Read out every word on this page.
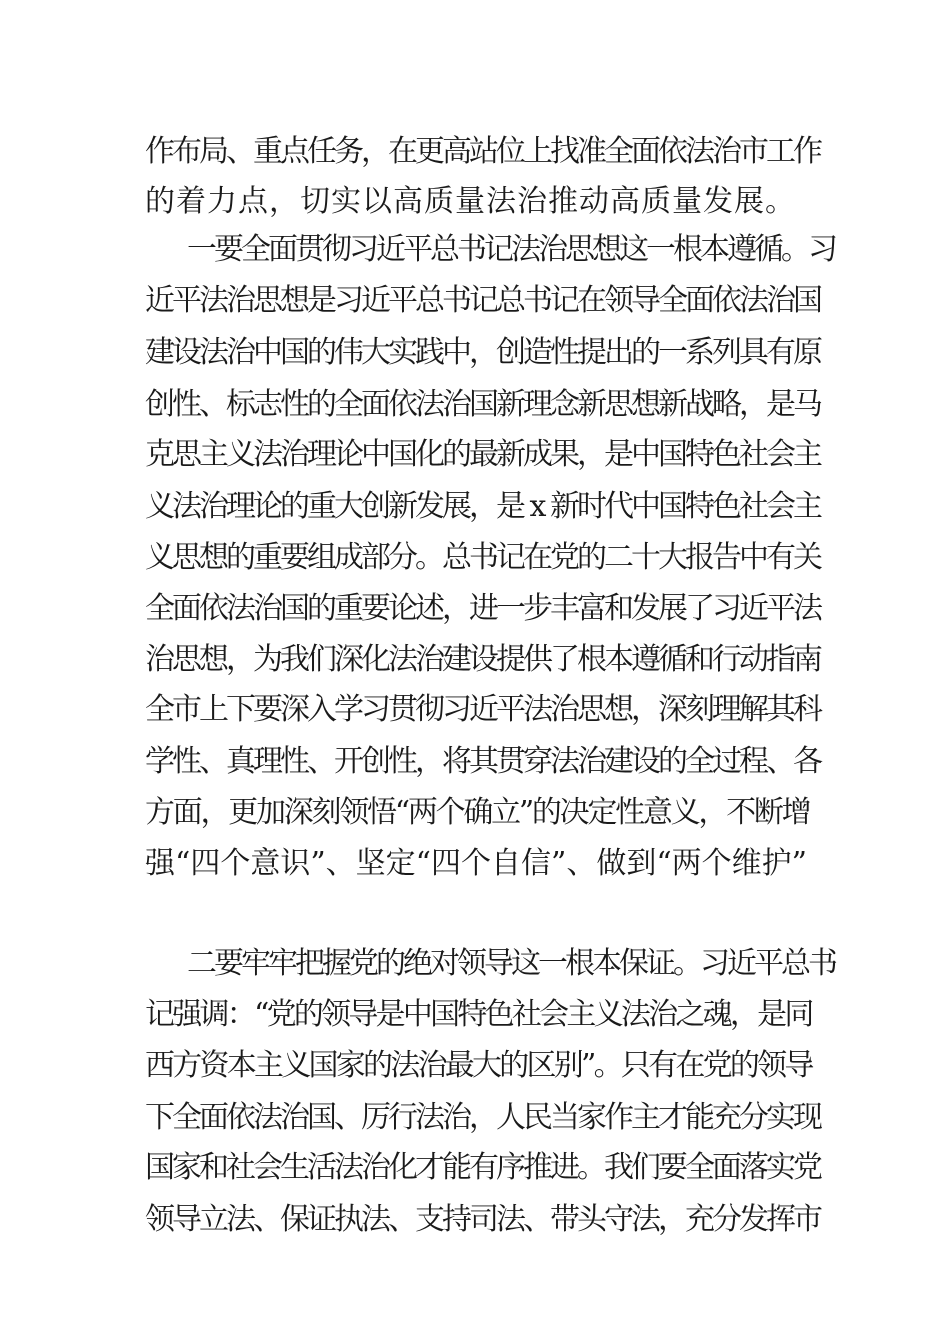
作布局、重点任务，在更高站位上找准全面依法治市工作
的着力点，切实以高质量法治推动高质量发展。
一要全面贯彻习近平总书记法治思想这一根本遵循。习
近平法治思想是习近平总书记总书记在领导全面依法治国
建设法治中国的伟大实践中，创造性提出的一系列具有原
创性、标志性的全面依法治国新理念新思想新战略，是马
克思主义法治理论中国化的最新成果，是中国特色社会主
义法治理论的重大创新发展，是 x 新时代中国特色社会主
义思想的重要组成部分。总书记在党的二十大报告中有关
全面依法治国的重要论述，进一步丰富和发展了习近平法
治思想，为我们深化法治建设提供了根本遵循和行动指南
全市上下要深入学习贯彻习近平法治思想，深刻理解其科
学性、真理性、开创性，将其贯穿法治建设的全过程、各
方面，更加深刻领悟“两个确立”的决定性意义，不断增
强“四个意识”、坚定“四个自信”、做到“两个维护”
二要牢牢把握党的绝对领导这一根本保证。习近平总书
记强调：“党的领导是中国特色社会主义法治之魂，是同
西方资本主义国家的法治最大的区别”。只有在党的领导
下全面依法治国、厉行法治，人民当家作主才能充分实现
国家和社会生活法治化才能有序推进。我们要全面落实党
领导立法、保证执法、支持司法、带头守法，充分发挥市
